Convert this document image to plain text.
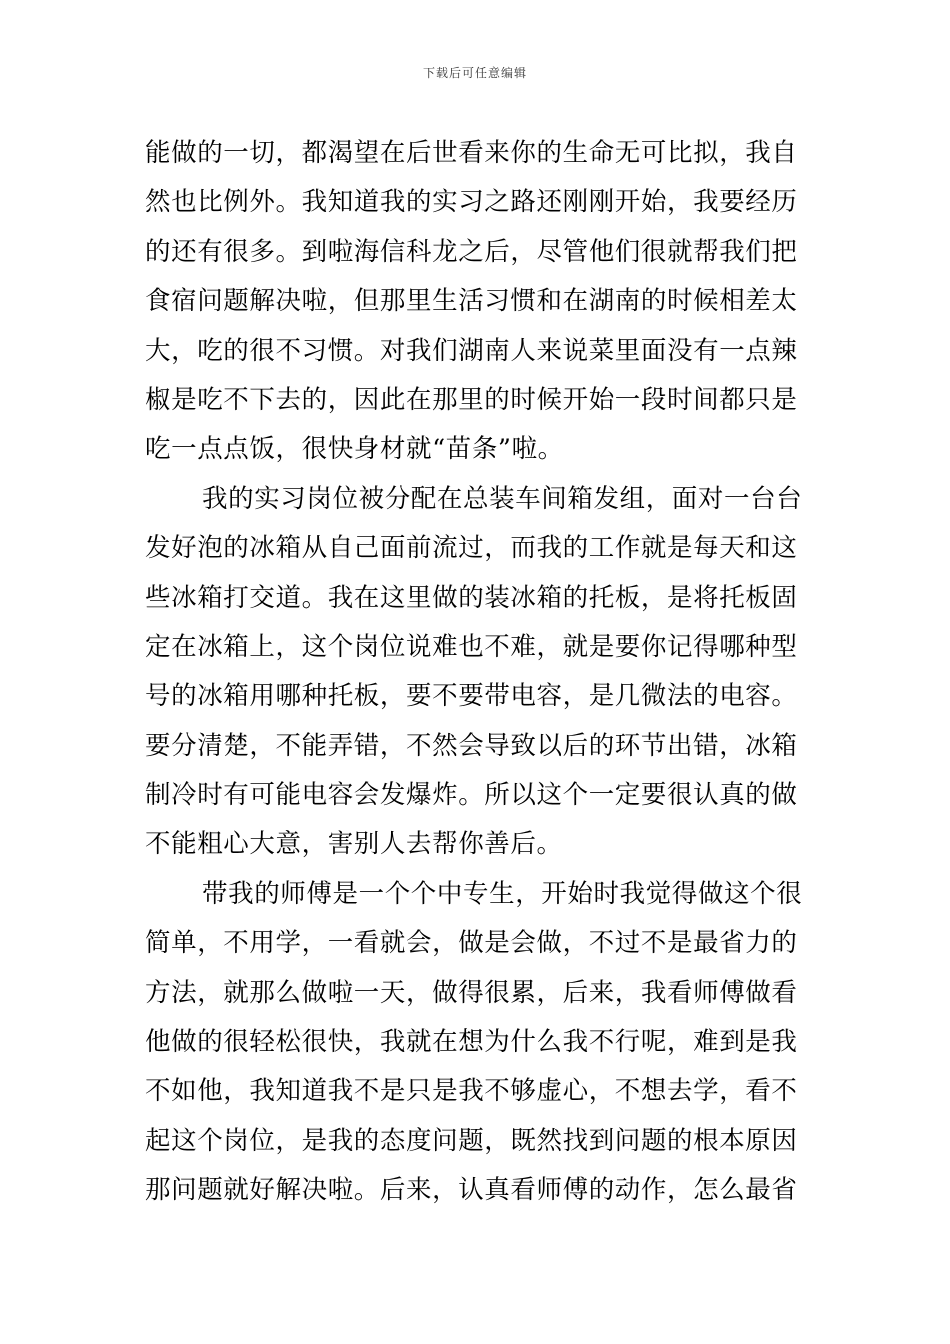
下载后可任意编辑
能做的一切，都渴望在后世看来你的生命无可比拟，我自
然也比例外。我知道我的实习之路还刚刚开始，我要经历
的还有很多。到啦海信科龙之后，尽管他们很就帮我们把
食宿问题解决啦，但那里生活习惯和在湖南的时候相差太
大，吃的很不习惯。对我们湖南人来说菜里面没有一点辣
椒是吃不下去的，因此在那里的时候开始一段时间都只是
吃一点点饭，很快身材就“苗条”啦。
我的实习岗位被分配在总装车间箱发组，面对一台台
发好泡的冰箱从自己面前流过，而我的工作就是每天和这
些冰箱打交道。我在这里做的装冰箱的托板，是将托板固
定在冰箱上，这个岗位说难也不难，就是要你记得哪种型
号的冰箱用哪种托板，要不要带电容，是几微法的电容。
要分清楚，不能弄错，不然会导致以后的环节出错，冰箱
制冷时有可能电容会发爆炸。所以这个一定要很认真的做
不能粗心大意，害别人去帮你善后。
带我的师傅是一个个中专生，开始时我觉得做这个很
简单，不用学，一看就会，做是会做，不过不是最省力的
方法，就那么做啦一天，做得很累，后来，我看师傅做看
他做的很轻松很快，我就在想为什么我不行呢，难到是我
不如他，我知道我不是只是我不够虚心，不想去学，看不
起这个岗位，是我的态度问题，既然找到问题的根本原因
那问题就好解决啦。后来，认真看师傅的动作，怎么最省
